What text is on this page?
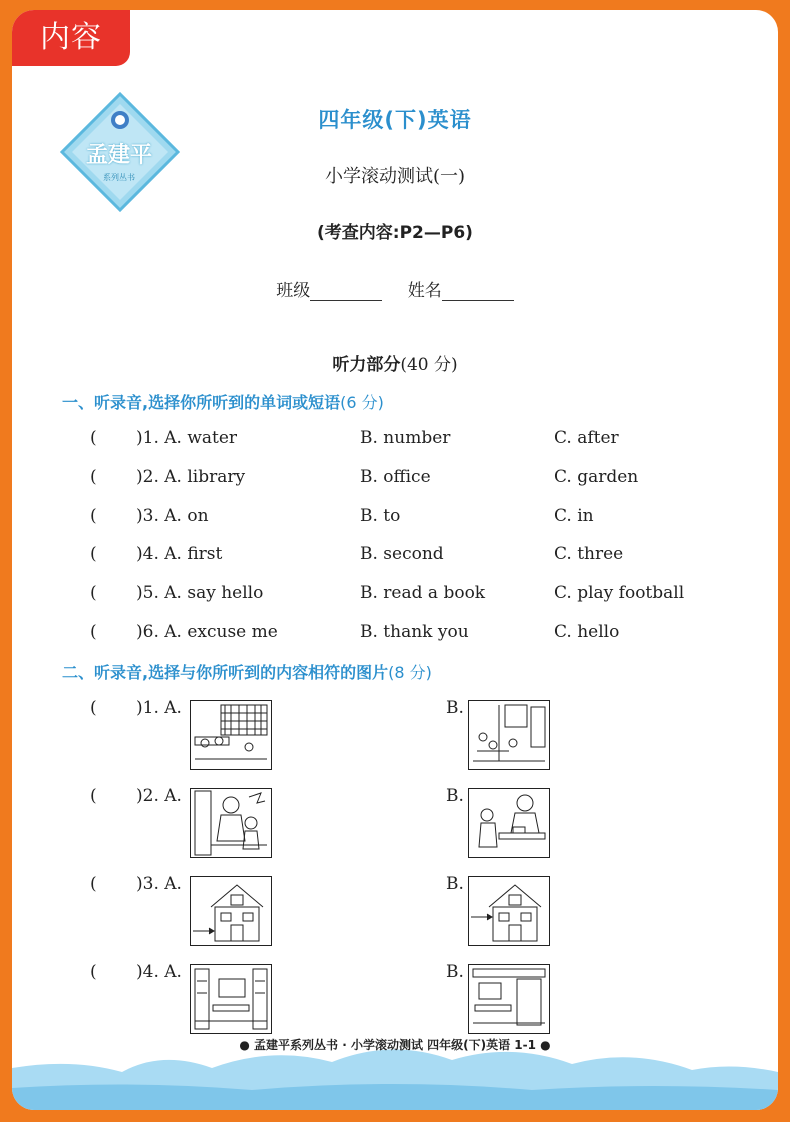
内容
孟建平
系列丛书
四年级(下)英语
小学滚动测试(一)
(考查内容:P2—P6)
班级	姓名
听力部分(40 分)
一、听录音,选择你所听到的单词或短语(6 分)
( )1. A. water	B. number	C. after
( )2. A. library	B. office	C. garden
( )3. A. on	B. to	C. in
( )4. A. first	B. second	C. three
( )5. A. say hello	B. read a book	C. play football
( )6. A. excuse me	B. thank you	C. hello
二、听录音,选择与你所听到的内容相符的图片(8 分)
( )1. A.	B.
( )2. A.	B.
( )3. A.	B.
( )4. A.	B.
● 孟建平系列丛书 · 小学滚动测试 四年级(下)英语 1-1 ●
